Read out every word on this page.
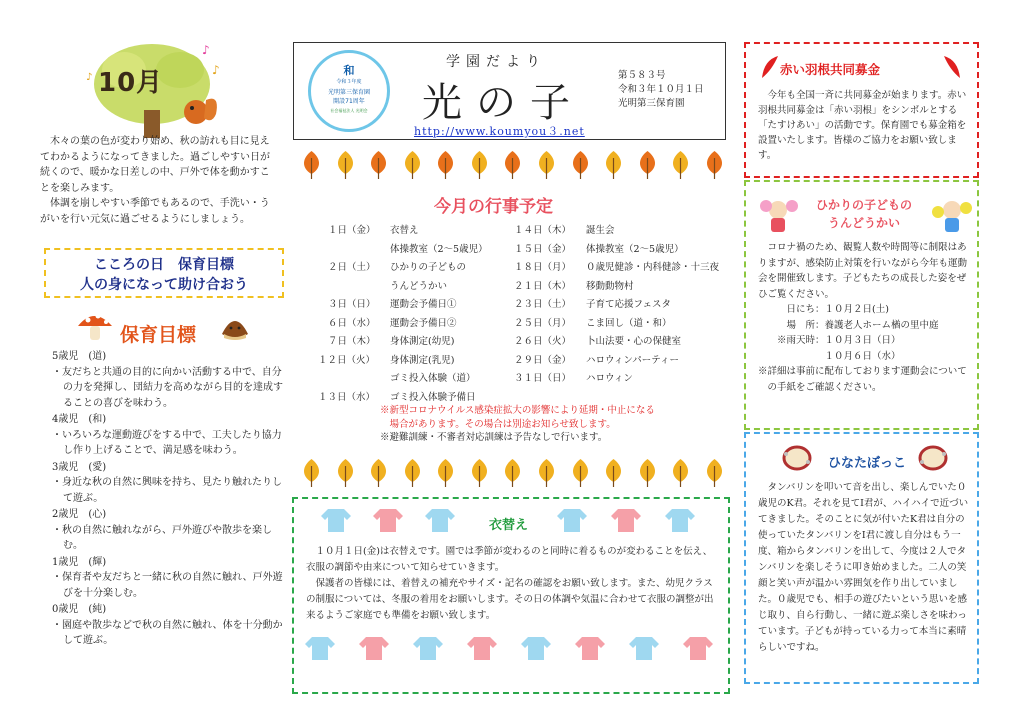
♪
♪
♪ 10月

木々の葉の色が変わり始め、秋の訪れも目に見えてわかるようになってきました。過ごしやすい日が続くので、暖かな日差しの中、戸外で体を動かすことを楽しみます。

体調を崩しやすい季節でもあるので、手洗い・うがいを行い元気に過ごせるようにしましょう。

こころの日　保育目標
人の身になって助け合おう
保育目標
5歳児　(道)
・友だちと共通の目的に向かい活動する中で、自分の力を発揮し、団結力を高めながら目的を達成することの喜びを味わう。
4歳児　(和)
・いろいろな運動遊びをする中で、工夫したり協力し作り上げることで、満足感を味わう。
3歳児　(愛)
・身近な秋の自然に興味を持ち、見たり触れたりして遊ぶ。
2歳児　(心)
・秋の自然に触れながら、戸外遊びや散歩を楽しむ。
1歳児　(輝)
・保育者や友だちと一緒に秋の自然に触れ、戸外遊びを十分楽しむ。
0歳児　(純)
・園庭や散歩などで秋の自然に触れ、体を十分動かして遊ぶ。
和
令和３年度
光明第三保育園
開設71周年
社会福祉法人 光明会
学園だより
光の子
http://www.koumyou３.net
第５８３号
令和３年１０月１日
光明第三保育園
今月の行事予定
１日（金） 衣替え
体操教室（2～5歳児）
２日（土） ひかりの子どもの
うんどうかい
３日（日） 運動会予備日①
６日（水） 運動会予備日②
７日（木） 身体測定(幼児)
１２日（火） 身体測定(乳児)
ゴミ投入体験（道）
１３日（水） ゴミ投入体験予備日
１４日（木） 誕生会
１５日（金） 体操教室（2～5歳児）
１８日（月） ０歳児健診・内科健診・十三夜
２１日（木） 移動動物村
２３日（土） 子育て応援フェスタ
２５日（月） こま回し（道・和）
２６日（火） 卜山法要・心の保健室
２９日（金） ハロウィンパーティー
３１日（日） ハロウィン
※新型コロナウイルス感染症拡大の影響により延期・中止になる
場合があります。その場合は別途お知らせ致します。
※避難訓練・不審者対応訓練は予告なしで行います。
衣替え

１０月１日(金)は衣替えです。園では季節が変わるのと同時に着るものが変わることを伝え、衣服の調節や由来について知らせていきます。

保護者の皆様には、着替えの補充やサイズ・記名の確認をお願い致します。また、幼児クラスの制服については、冬服の着用をお願いします。その日の体調や気温に合わせて衣服の調整が出来るようご家庭でも準備をお願い致します。

赤い羽根共同募金

今年も全国一斉に共同募金が始まります。赤い羽根共同募金は「赤い羽根」をシンボルとする「たすけあい」の活動です。保育園でも募金箱を設置いたします。皆様のご協力をお願い致します。

ひかりの子どもの
うんどうかい
コロナ禍のため、観覧人数や時間等に制限はありますが、感染防止対策を行いながら今年も運動会を開催致します。子どもたちの成長した姿をぜひご覧ください。
日にち：１０月２日(土)
場　所：養護老人ホーム楢の里中庭
※雨天時：１０月３日（日）
１０月６日（水）
※詳細は事前に配布しております運動会についての手紙をご確認ください。
ひなたぼっこ
タンバリンを叩いて音を出し、楽しんでいた０歳児のK君。それを見てI君が、ハイハイで近づいてきました。そのことに気が付いたK君は自分の使っていたタンバリンをI君に渡し自分はもう一度、箱からタンバリンを出して、今度は２人でタンバリンを楽しそうに叩き始めました。二人の笑顔と笑い声が温かい雰囲気を作り出していました。０歳児でも、相手の遊びたいという思いを感じ取り、自ら行動し、一緒に遊ぶ楽しさを味わっています。子どもが持っている力って本当に素晴らしいですね。
